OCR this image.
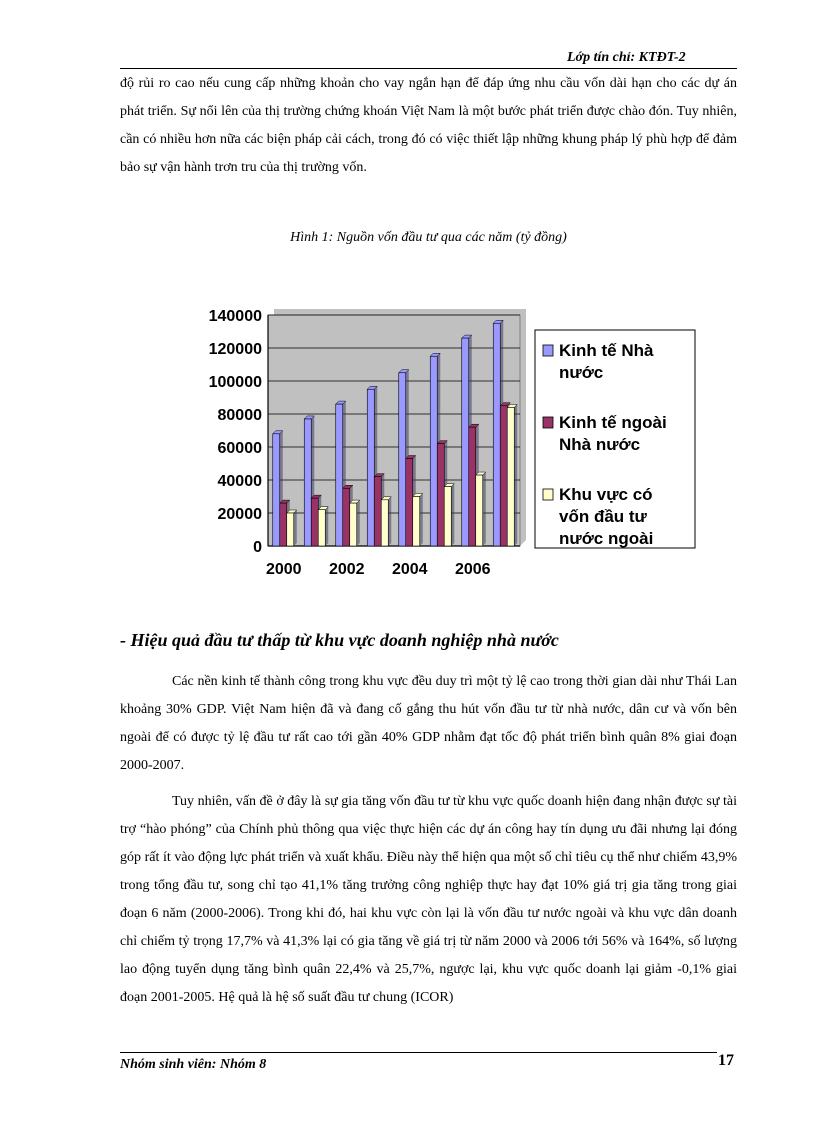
Lớp tín chỉ: KTĐT-2

độ rủi ro cao nếu cung cấp những khoản cho vay ngắn hạn để đáp ứng nhu cầu vốn dài hạn cho các dự án phát triển. Sự nổi lên của thị trường chứng khoán Việt Nam là một bước phát triển được chào đón. Tuy nhiên, cần có nhiều hơn nữa các biện pháp cải cách, trong đó có việc thiết lập những khung pháp lý phù hợp để đảm bảo sự vận hành trơn tru của thị trường vốn.

Hình 1: Nguồn vốn đầu tư qua các năm (tỷ đồng)
0
20000
40000
60000
80000
100000
120000
140000
2000 2002 2004 2006
Kinh tế Nhà
nước
Kinh tế ngoài
Nhà nước
Khu vực có
vốn đầu tư
nước ngoài
- Hiệu quả đầu tư thấp từ khu vực doanh nghiệp nhà nước

Các nền kinh tế thành công trong khu vực đều duy trì một tỷ lệ cao trong thời gian dài như Thái Lan khoảng 30% GDP. Việt Nam hiện đã và đang cố gắng thu hút vốn đầu tư từ nhà nước, dân cư và vốn bên ngoài để có được tỷ lệ đầu tư rất cao tới gần 40% GDP nhằm đạt tốc độ phát triển bình quân 8% giai đoạn 2000-2007.

Tuy nhiên, vấn đề ở đây là sự gia tăng vốn đầu tư từ khu vực quốc doanh hiện đang nhận được sự tài trợ “hào phóng” của Chính phủ thông qua việc thực hiện các dự án công hay tín dụng ưu đãi nhưng lại đóng góp rất ít vào động lực phát triển và xuất khẩu. Điều này thể hiện qua một số chỉ tiêu cụ thể như chiếm 43,9% trong tổng đầu tư, song chỉ tạo 41,1% tăng trưởng công nghiệp thực hay đạt 10% giá trị gia tăng trong giai đoạn 6 năm (2000-2006). Trong khi đó, hai khu vực còn lại là vốn đầu tư nước ngoài và khu vực dân doanh chỉ chiếm tỷ trọng 17,7% và 41,3% lại có gia tăng về giá trị từ năm 2000 và 2006 tới 56% và 164%, số lượng lao động tuyển dụng tăng bình quân 22,4% và 25,7%, ngược lại, khu vực quốc doanh lại giảm -0,1% giai đoạn 2001-2005. Hệ quả là hệ số suất đầu tư chung (ICOR)

Nhóm sinh viên: Nhóm 8	17
